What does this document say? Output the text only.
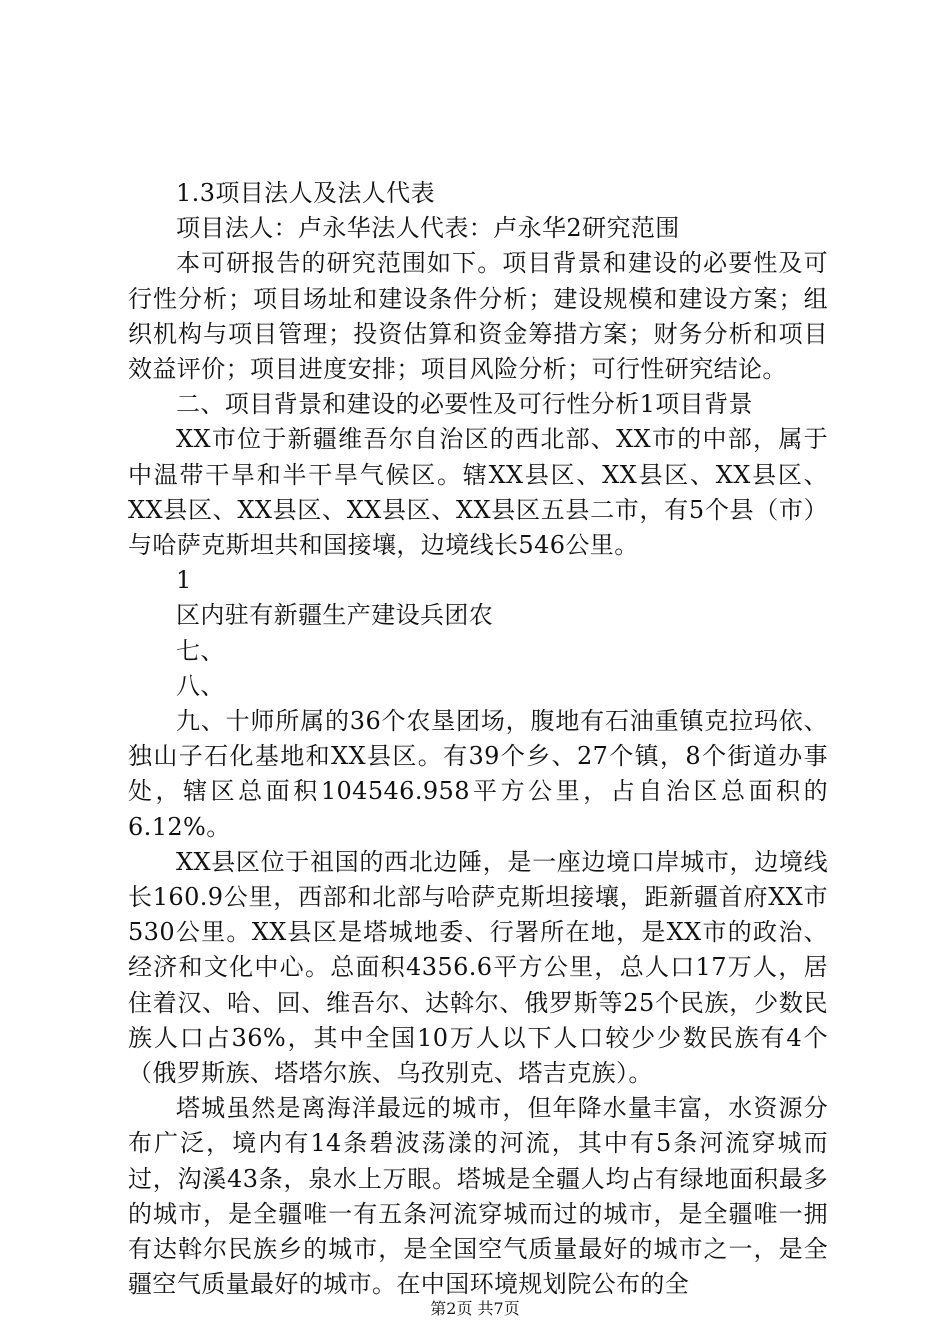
1.3项目法人及法人代表

项目法人：卢永华法人代表：卢永华2研究范围

本可研报告的研究范围如下。项目背景和建设的必要性及可行性分析；项目场址和建设条件分析；建设规模和建设方案；组织机构与项目管理；投资估算和资金筹措方案；财务分析和项目效益评价；项目进度安排；项目风险分析；可行性研究结论。

二、项目背景和建设的必要性及可行性分析1项目背景

XX市位于新疆维吾尔自治区的西北部、XX市的中部，属于中温带干旱和半干旱气候区。辖XX县区、XX县区、XX县区、XX县区、XX县区、XX县区、XX县区五县二市，有5个县（市）与哈萨克斯坦共和国接壤，边境线长546公里。

1

区内驻有新疆生产建设兵团农

七、

八、

九、十师所属的36个农垦团场，腹地有石油重镇克拉玛依、独山子石化基地和XX县区。有39个乡、27个镇，8个街道办事处，辖区总面积104546.958平方公里，占自治区总面积的6.12%。

XX县区位于祖国的西北边陲，是一座边境口岸城市，边境线长160.9公里，西部和北部与哈萨克斯坦接壤，距新疆首府XX市530公里。XX县区是塔城地委、行署所在地，是XX市的政治、经济和文化中心。总面积4356.6平方公里，总人口17万人，居住着汉、哈、回、维吾尔、达斡尔、俄罗斯等25个民族，少数民族人口占36%，其中全国10万人以下人口较少少数民族有4个（俄罗斯族、塔塔尔族、乌孜别克、塔吉克族）。

塔城虽然是离海洋最远的城市，但年降水量丰富，水资源分布广泛，境内有14条碧波荡漾的河流，其中有5条河流穿城而过，沟溪43条，泉水上万眼。塔城是全疆人均占有绿地面积最多的城市，是全疆唯一有五条河流穿城而过的城市，是全疆唯一拥有达斡尔民族乡的城市，是全国空气质量最好的城市之一，是全疆空气质量最好的城市。在中国环境规划院公布的全

第2页 共7页
